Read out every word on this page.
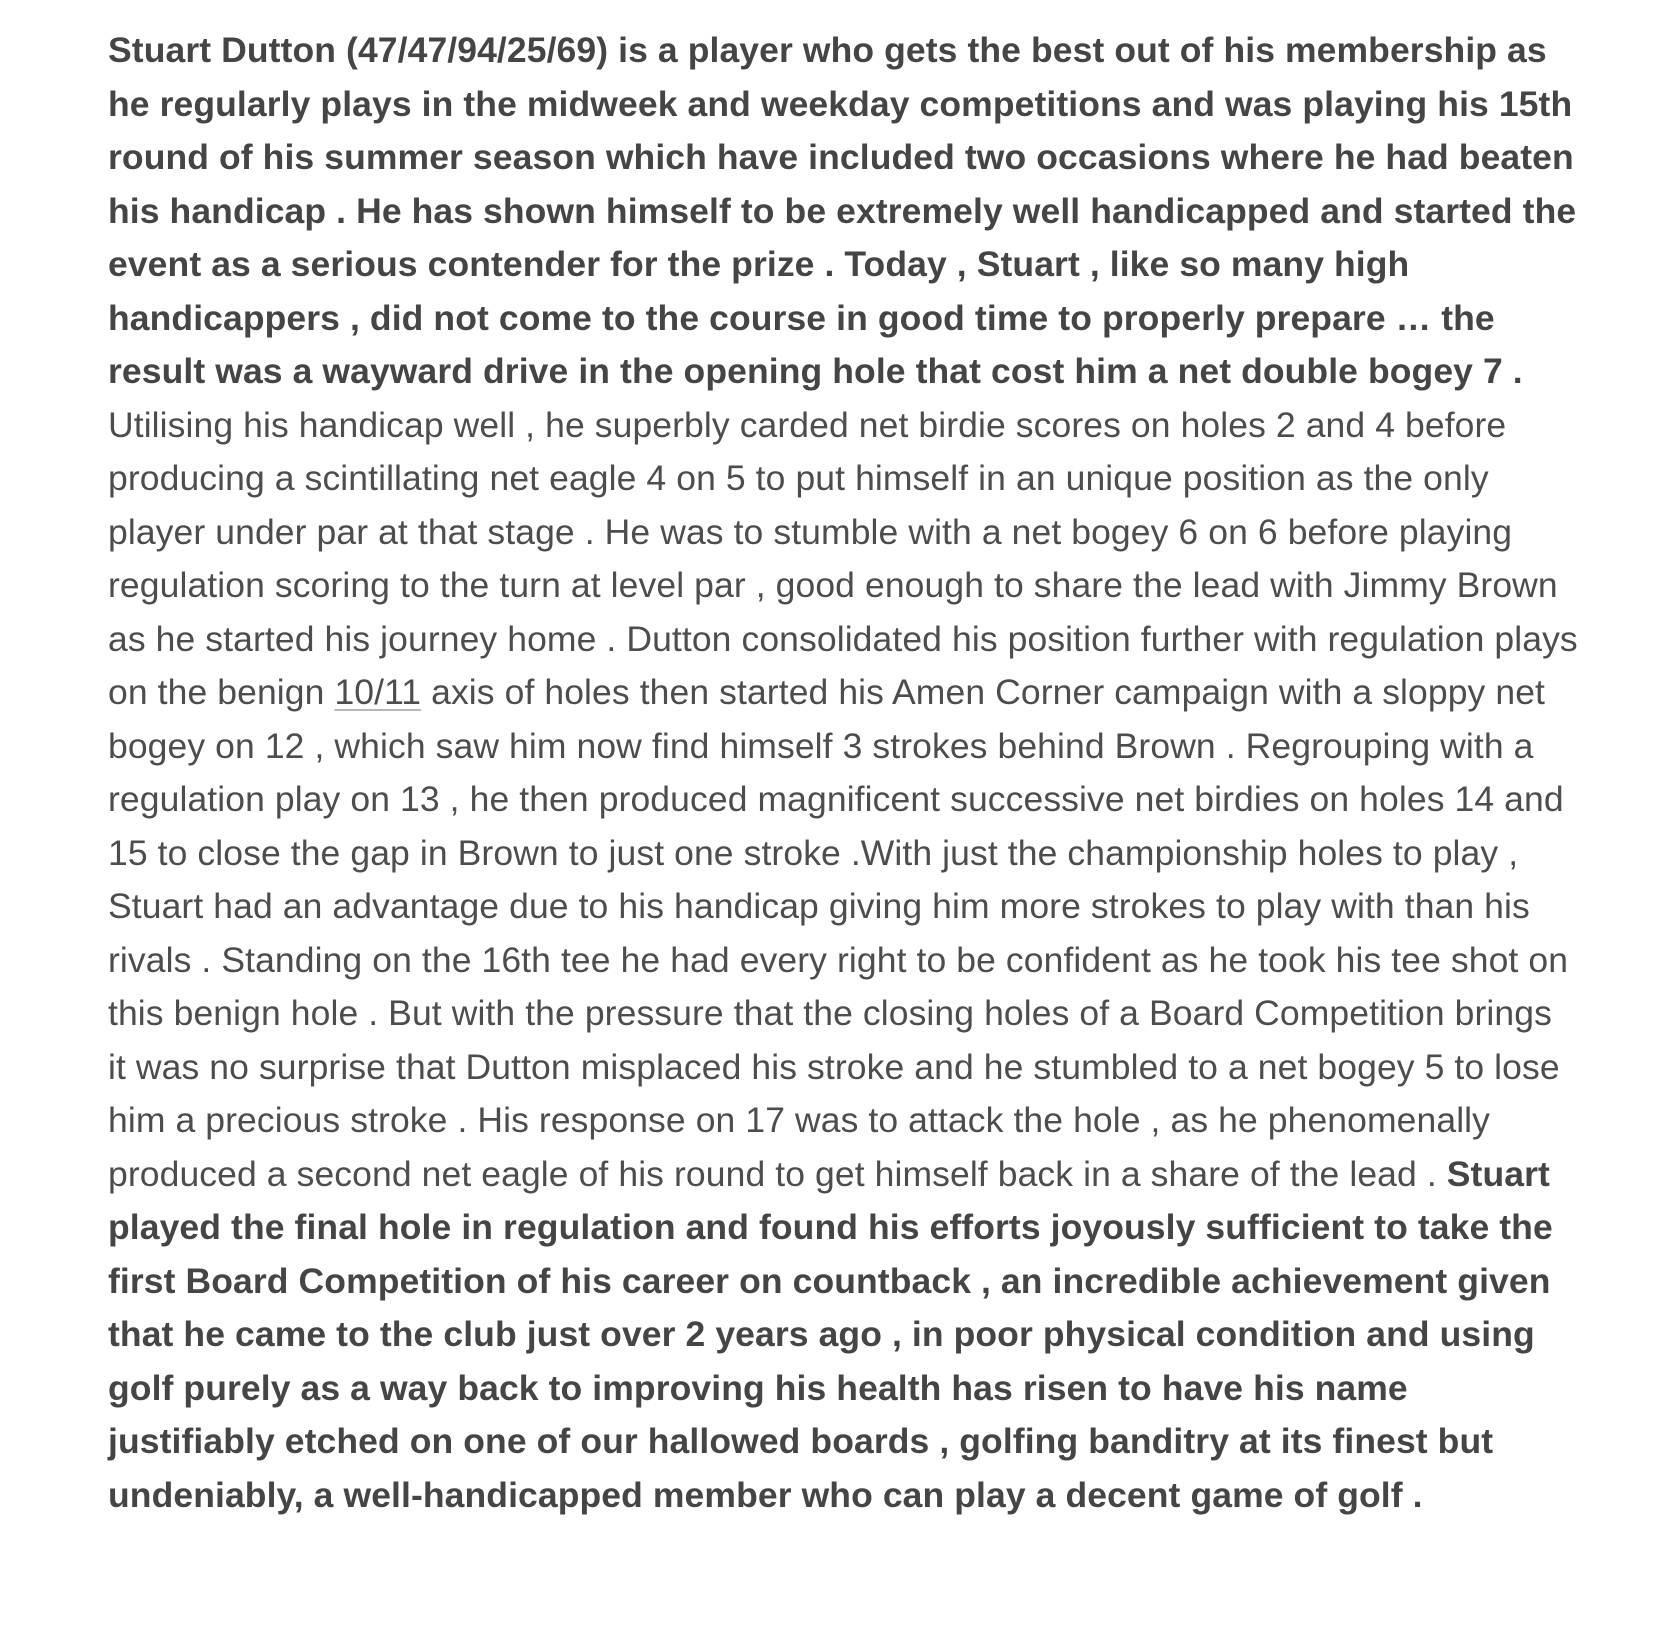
Stuart Dutton (47/47/94/25/69) is a player who gets the best out of his membership as he regularly plays in the midweek and weekday competitions and was playing his 15th round of his summer season which have included two occasions where he had beaten his handicap . He has shown himself to be extremely well handicapped and started the event as a serious contender for the prize . Today , Stuart , like so many high handicappers , did not come to the course in good time to properly prepare … the result was a wayward drive in the opening hole that cost him a net double bogey 7 . Utilising his handicap well , he superbly carded net birdie scores on holes 2 and 4 before producing a scintillating net eagle 4 on 5 to put himself in an unique position as the only player under par at that stage . He was to stumble with a net bogey 6 on 6 before playing regulation scoring to the turn at level par , good enough to share the lead with Jimmy Brown as he started his journey home . Dutton consolidated his position further with regulation plays on the benign 10/11 axis of holes then started his Amen Corner campaign with a sloppy net bogey on 12 , which saw him now find himself 3 strokes behind Brown . Regrouping with a regulation play on 13 , he then produced magnificent successive net birdies on holes 14 and 15 to close the gap in Brown to just one stroke .With just the championship holes to play , Stuart had an advantage due to his handicap giving him more strokes to play with than his rivals . Standing on the 16th tee he had every right to be confident as he took his tee shot on this benign hole . But with the pressure that the closing holes of a Board Competition brings it was no surprise that Dutton misplaced his stroke and he stumbled to a net bogey 5 to lose him a precious stroke . His response on 17 was to attack the hole , as he phenomenally produced a second net eagle of his round to get himself back in a share of the lead . Stuart played the final hole in regulation and found his efforts joyously sufficient to take the first Board Competition of his career on countback , an incredible achievement given that he came to the club just over 2 years ago , in poor physical condition and using golf purely as a way back to improving his health has risen to have his name justifiably etched on one of our hallowed boards , golfing banditry at its finest but undeniably, a well-handicapped member who can play a decent game of golf .
